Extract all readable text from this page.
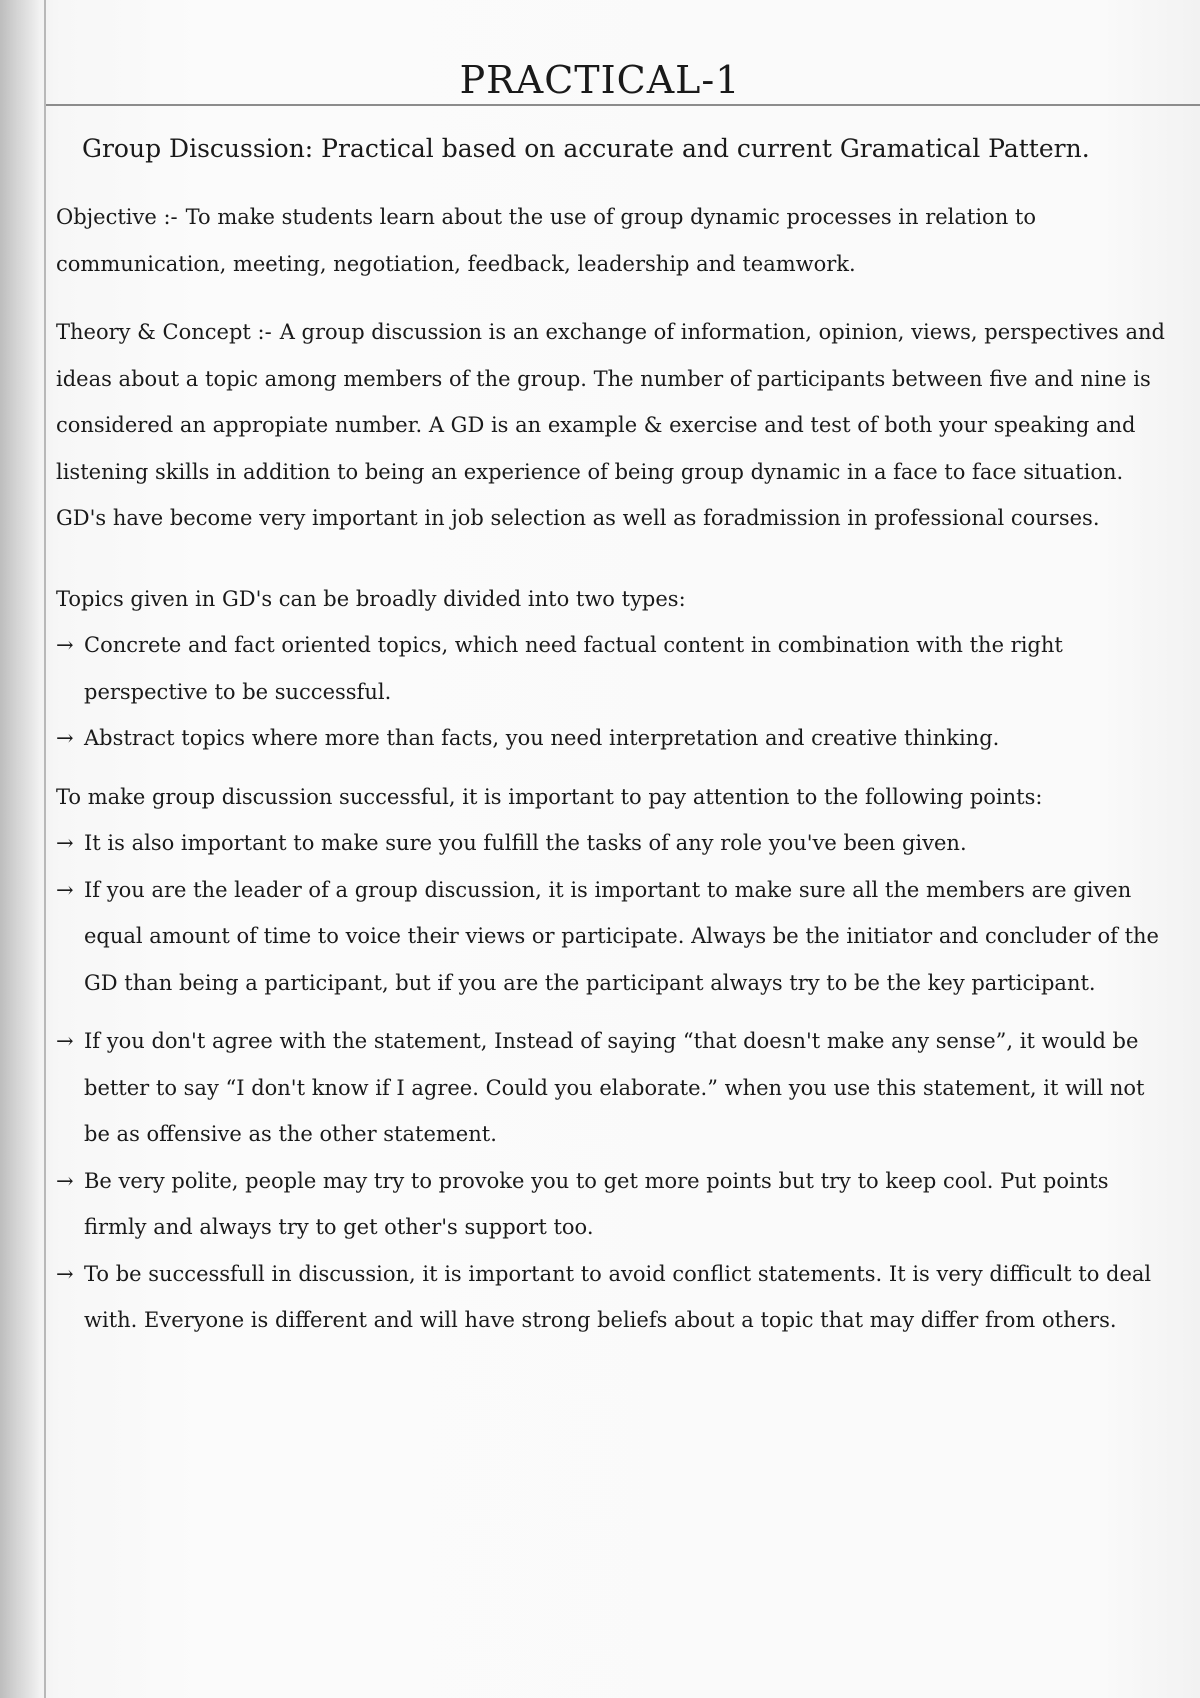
PRACTICAL-1

Group Discussion: Practical based on accurate and current Gramatical Pattern.

Objective :- To make students learn about the use of group dynamic processes in relation to communication, meeting, negotiation, feedback, leadership and teamwork.

Theory & Concept :- A group discussion is an exchange of information, opinion, views, perspectives and ideas about a topic among members of the group. The number of participants between five and nine is considered an appropiate number. A GD is an example & exercise and test of both your speaking and listening skills in addition to being an experience of being group dynamic in a face to face situation. GD's have become very important in job selection as well as foradmission in professional courses.

Topics given in GD's can be broadly divided into two types:

→ Concrete and fact oriented topics, which need factual content in combination with the right perspective to be successful.

→ Abstract topics where more than facts, you need interpretation and creative thinking.

To make group discussion successful, it is important to pay attention to the following points:

→ It is also important to make sure you fulfill the tasks of any role you've been given.

→ If you are the leader of a group discussion, it is important to make sure all the members are given equal amount of time to voice their views or participate. Always be the initiator and concluder of the GD than being a participant, but if you are the participant always try to be the key participant.

→ If you don't agree with the statement, Instead of saying “that doesn't make any sense”, it would be better to say “I don't know if I agree. Could you elaborate.” when you use this statement, it will not be as offensive as the other statement.

→ Be very polite, people may try to provoke you to get more points but try to keep cool. Put points firmly and always try to get other's support too.

→ To be successfull in discussion, it is important to avoid conflict statements. It is very difficult to deal with. Everyone is different and will have strong beliefs about a topic that may differ from others.
